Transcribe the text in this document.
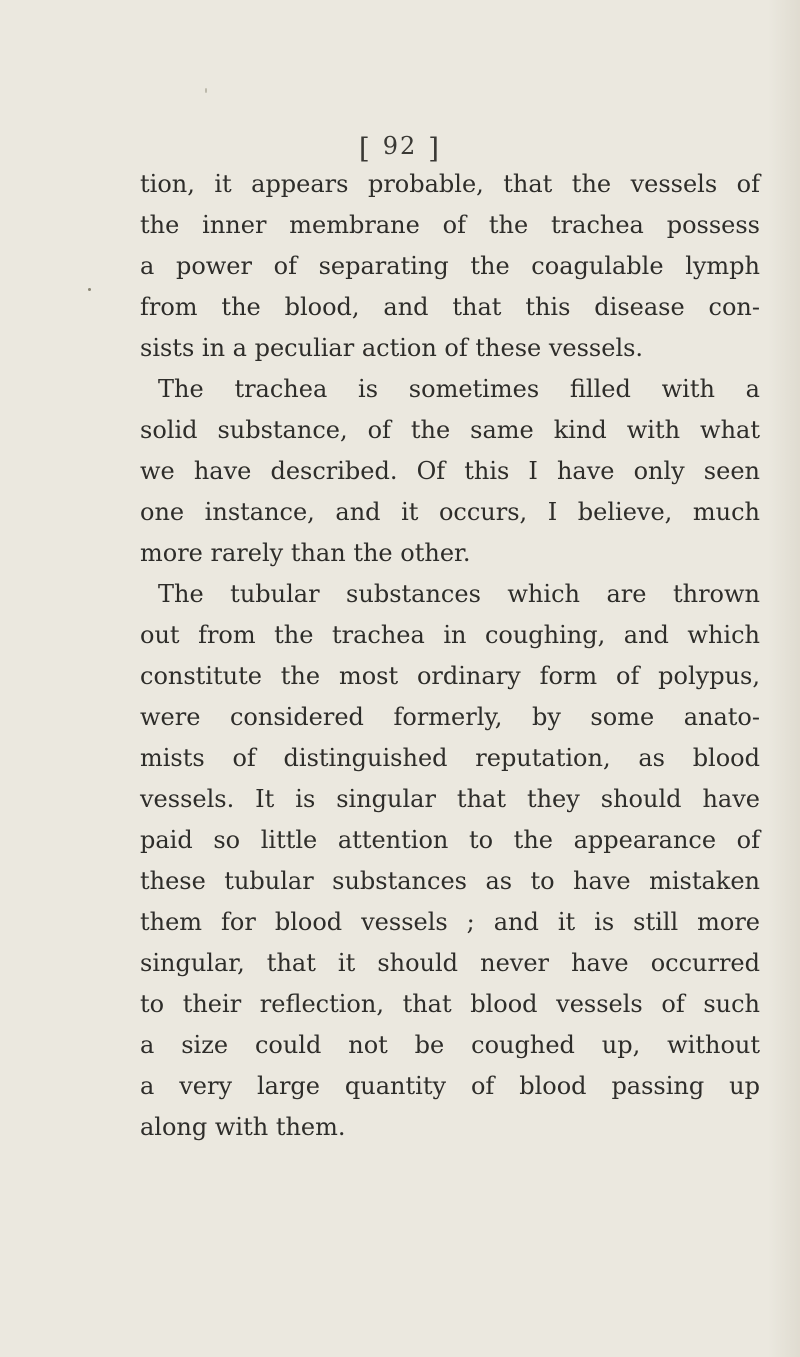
[ 92 ]
tion, it appears probable, that the vessels of
the inner membrane of the trachea possess
a power of separating the coagulable lymph
from the blood, and that this disease con-
sists in a peculiar action of these vessels.
The trachea is sometimes filled with a
solid substance, of the same kind with what
we have described. Of this I have only seen
one instance, and it occurs, I believe, much
more rarely than the other.
The tubular substances which are thrown
out from the trachea in coughing, and which
constitute the most ordinary form of polypus,
were considered formerly, by some anato-
mists of distinguished reputation, as blood
vessels. It is singular that they should have
paid so little attention to the appearance of
these tubular substances as to have mistaken
them for blood vessels ; and it is still more
singular, that it should never have occurred
to their reflection, that blood vessels of such
a size could not be coughed up, without
a very large quantity of blood passing up
along with them.
